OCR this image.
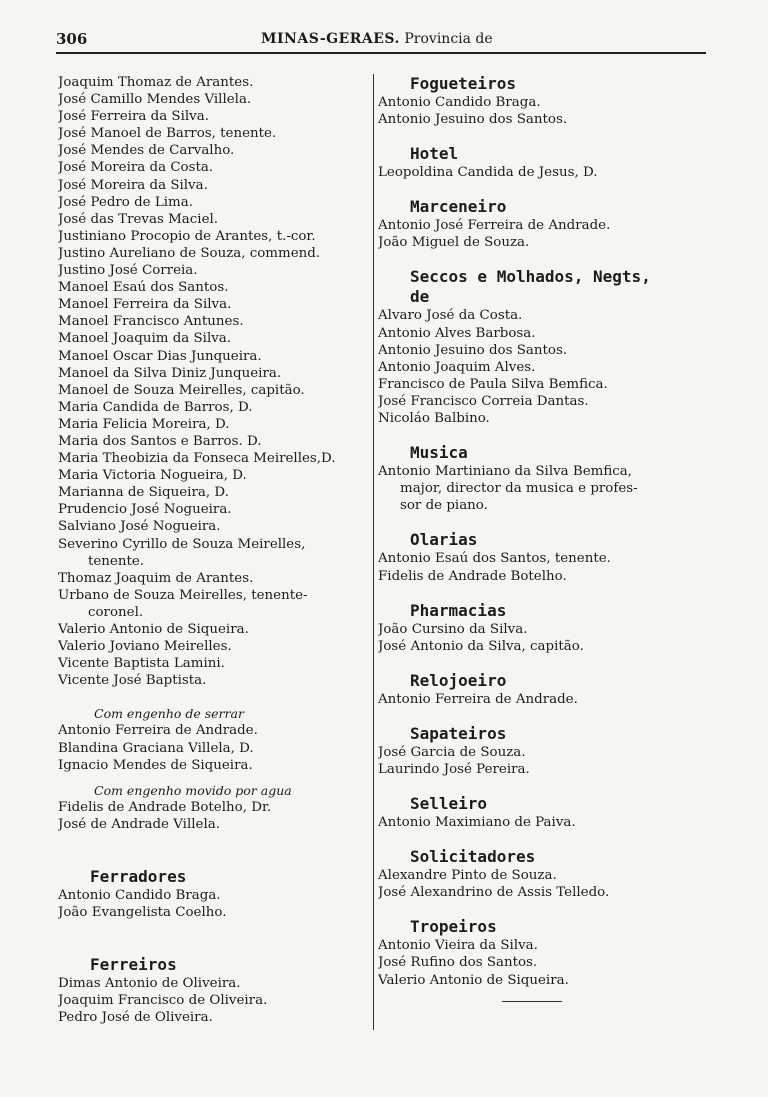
306	MINAS-GERAES. Provincia de
Joaquim Thomaz de Arantes.
José Camillo Mendes Villela.
José Ferreira da Silva.
José Manoel de Barros, tenente.
José Mendes de Carvalho.
José Moreira da Costa.
José Moreira da Silva.
José Pedro de Lima.
José das Trevas Maciel.
Justiniano Procopio de Arantes, t.-cor.
Justino Aureliano de Souza, commend.
Justino José Correia.
Manoel Esaú dos Santos.
Manoel Ferreira da Silva.
Manoel Francisco Antunes.
Manoel Joaquim da Silva.
Manoel Oscar Dias Junqueira.
Manoel da Silva Diniz Junqueira.
Manoel de Souza Meirelles, capitão.
Maria Candida de Barros, D.
Maria Felicia Moreira, D.
Maria dos Santos e Barros. D.
Maria Theobizia da Fonseca Meirelles,D.
Maria Victoria Nogueira, D.
Marianna de Siqueira, D.
Prudencio José Nogueira.
Salviano José Nogueira.
Severino Cyrillo de Souza Meirelles,
tenente.
Thomaz Joaquim de Arantes.
Urbano de Souza Meirelles, tenente-
coronel.
Valerio Antonio de Siqueira.
Valerio Joviano Meirelles.
Vicente Baptista Lamini.
Vicente José Baptista.
Com engenho de serrar
Antonio Ferreira de Andrade.
Blandina Graciana Villela, D.
Ignacio Mendes de Siqueira.
Com engenho movido por agua
Fidelis de Andrade Botelho, Dr.
José de Andrade Villela.
Ferradores
Antonio Candido Braga.
João Evangelista Coelho.
Ferreiros
Dimas Antonio de Oliveira.
Joaquim Francisco de Oliveira.
Pedro José de Oliveira.
Fogueteiros
Antonio Candido Braga.
Antonio Jesuino dos Santos.
Hotel
Leopoldina Candida de Jesus, D.
Marceneiro
Antonio José Ferreira de Andrade.
João Miguel de Souza.
Seccos e Molhados, Negts, de
Alvaro José da Costa.
Antonio Alves Barbosa.
Antonio Jesuino dos Santos.
Antonio Joaquim Alves.
Francisco de Paula Silva Bemfica.
José Francisco Correia Dantas.
Nicoláo Balbino.
Musica
Antonio Martiniano da Silva Bemfica,
major, director da musica e profes-
sor de piano.
Olarias
Antonio Esaú dos Santos, tenente.
Fidelis de Andrade Botelho.
Pharmacias
João Cursino da Silva.
José Antonio da Silva, capitão.
Relojoeiro
Antonio Ferreira de Andrade.
Sapateiros
José Garcia de Souza.
Laurindo José Pereira.
Selleiro
Antonio Maximiano de Paiva.
Solicitadores
Alexandre Pinto de Souza.
José Alexandrino de Assis Telledo.
Tropeiros
Antonio Vieira da Silva.
José Rufino dos Santos.
Valerio Antonio de Siqueira.
